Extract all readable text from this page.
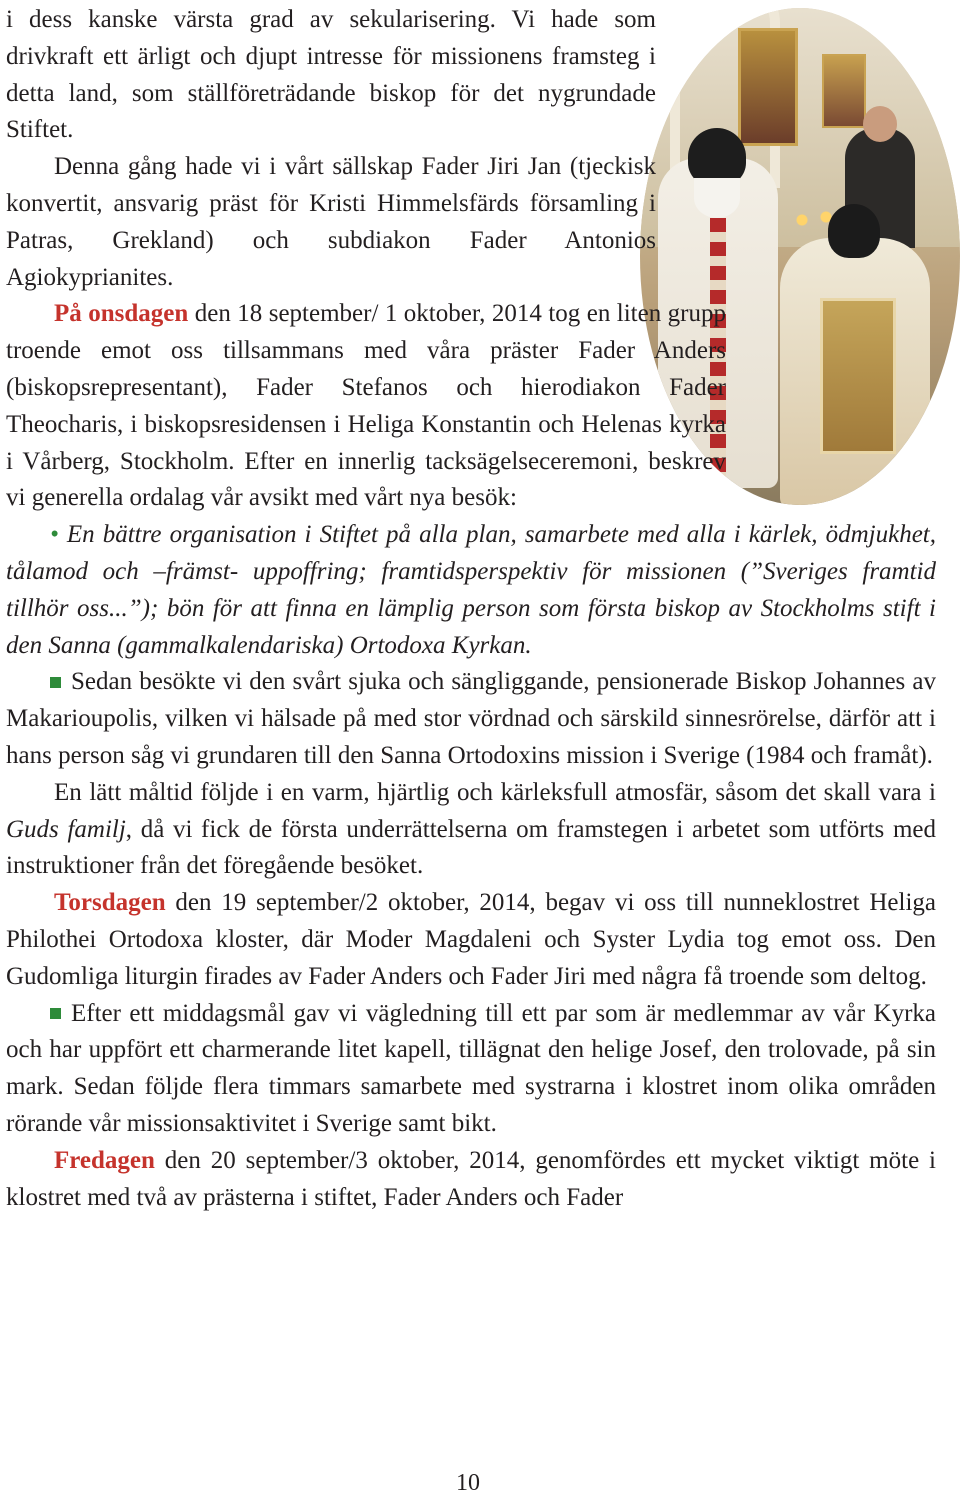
i dess kanske värsta grad av sekularisering. Vi hade som drivkraft ett ärligt och djupt intresse för missionens framsteg i detta land, som ställföreträdande biskop för det nygrundade Stiftet.

Denna gång hade vi i vårt sällskap Fader Jiri Jan (tjeckisk konvertit, ansvarig präst för Kristi Himmelsfärds församling i Patras, Grekland) och subdiakon Fader Antonios Agiokyprianites.

På onsdagen den 18 september/ 1 oktober, 2014 tog en liten grupp troende emot oss tillsammans med våra präster Fader Anders (biskopsrepresentant), Fader Stefanos och hierodiakon Fader Theocharis, i biskopsresidensen i Heliga Konstantin och Helenas kyrka i Vårberg, Stockholm. Efter en innerlig tacksägelseceremoni, beskrev vi generella ordalag vår avsikt med vårt nya besök:

• En bättre organisation i Stiftet på alla plan, samarbete med alla i kärlek, ödmjukhet, tålamod och –främst- uppoffring; framtidsperspektiv för missionen (”Sveriges framtid tillhör oss...”); bön för att finna en lämplig person som första biskop av Stockholms stift i den Sanna (gammalkalendariska) Ortodoxa Kyrkan.

Sedan besökte vi den svårt sjuka och sängliggande, pensionerade Biskop Johannes av Makarioupolis, vilken vi hälsade på med stor vördnad och särskild sinnesrörelse, därför att i hans person såg vi grundaren till den Sanna Ortodoxins mission i Sverige (1984 och framåt).

En lätt måltid följde i en varm, hjärtlig och kärleksfull atmosfär, såsom det skall vara i Guds familj, då vi fick de första underrättelserna om framstegen i arbetet som utförts med instruktioner från det föregående besöket.

Torsdagen den 19 september/2 oktober, 2014, begav vi oss till nunneklostret Heliga Philothei Ortodoxa kloster, där Moder Magdaleni och Syster Lydia tog emot oss. Den Gudomliga liturgin firades av Fader Anders och Fader Jiri med några få troende som deltog.

Efter ett middagsmål gav vi vägledning till ett par som är medlemmar av vår Kyrka och har uppfört ett charmerande litet kapell, tillägnat den helige Josef, den trolovade, på sin mark. Sedan följde flera timmars samarbete med systrarna i klostret inom olika områden rörande vår missionsaktivitet i Sverige samt bikt.

Fredagen den 20 september/3 oktober, 2014, genomfördes ett mycket viktigt möte i klostret med två av prästerna i stiftet, Fader Anders och Fader

10
